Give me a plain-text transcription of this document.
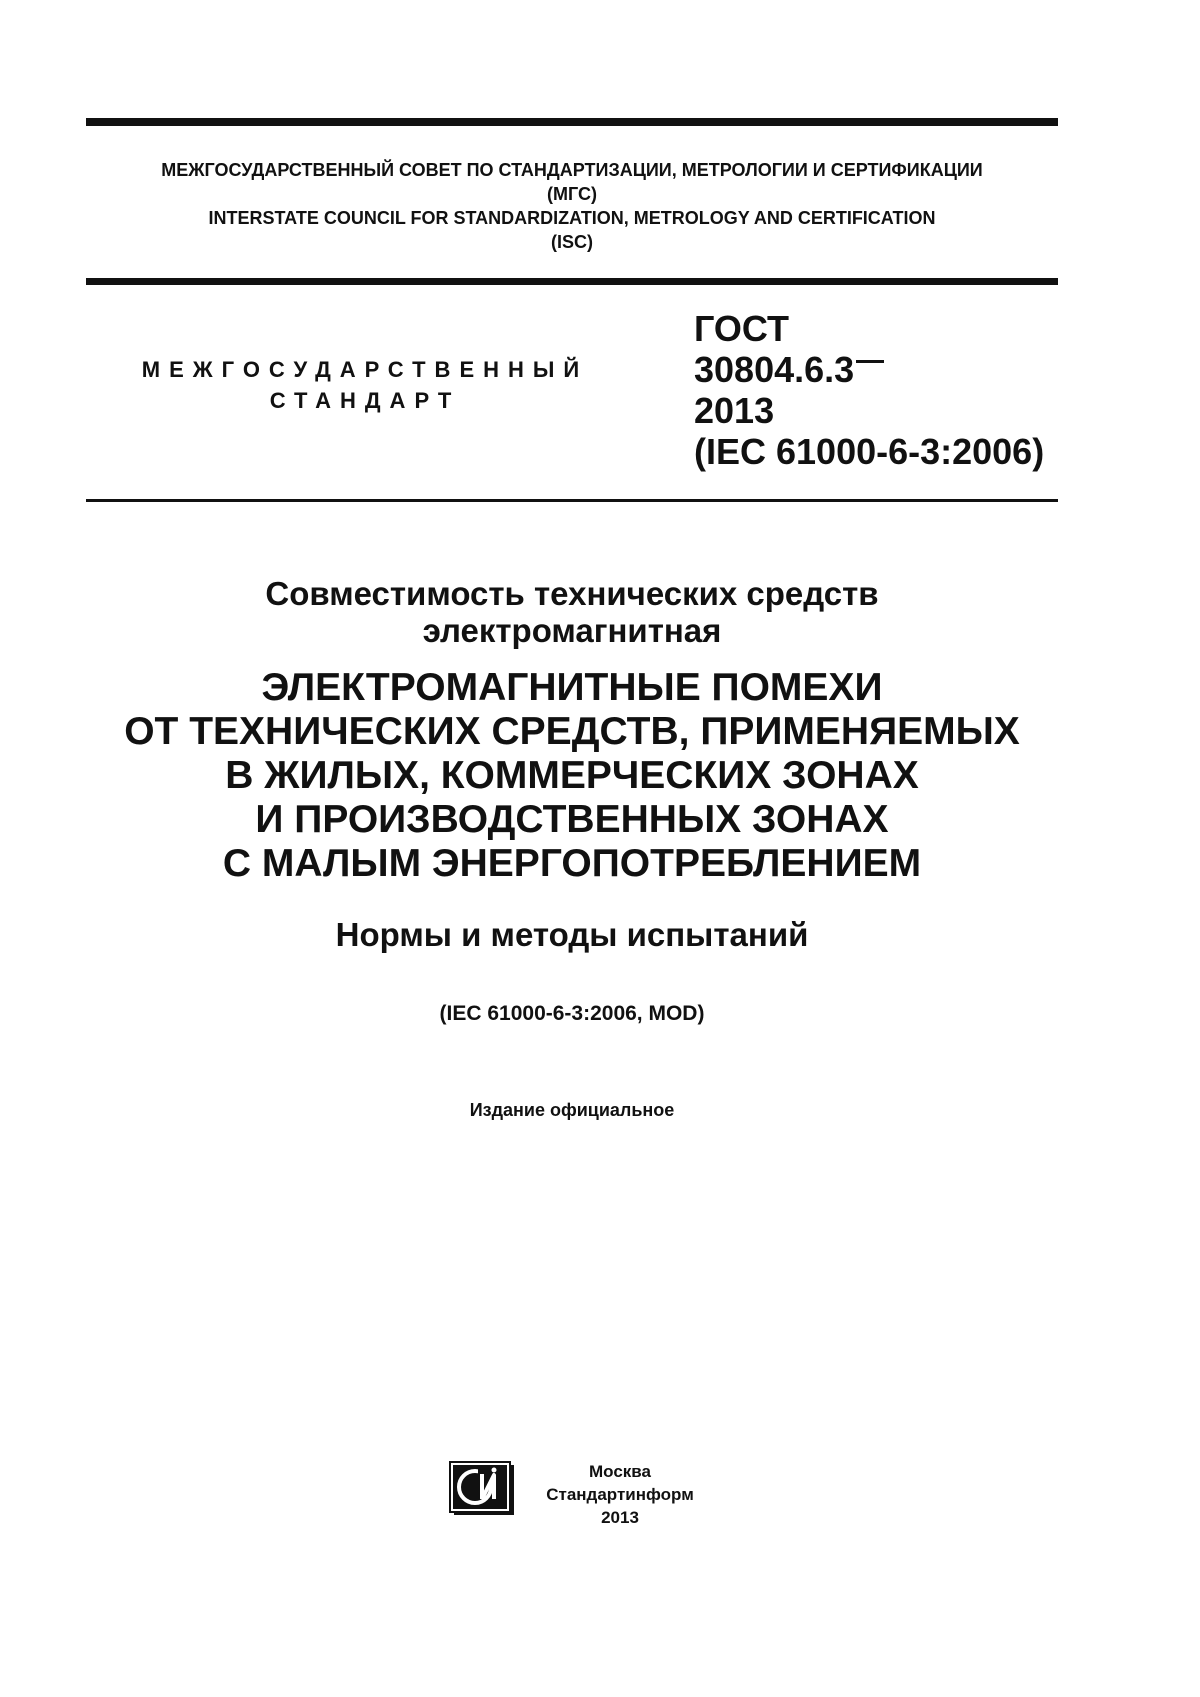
МЕЖГОСУДАРСТВЕННЫЙ СОВЕТ ПО СТАНДАРТИЗАЦИИ, МЕТРОЛОГИИ И СЕРТИФИКАЦИИ
(МГС)
INTERSTATE COUNCIL FOR STANDARDIZATION, METROLOGY AND CERTIFICATION
(ISC)
МЕЖГОСУДАРСТВЕННЫЙ
СТАНДАРТ
ГОСТ
30804.6.3
2013
(IEC 61000-6-3:2006)
Совместимость технических средств
электромагнитная
ЭЛЕКТРОМАГНИТНЫЕ ПОМЕХИ
ОТ ТЕХНИЧЕСКИХ СРЕДСТВ, ПРИМЕНЯЕМЫХ
В ЖИЛЫХ, КОММЕРЧЕСКИХ ЗОНАХ
И ПРОИЗВОДСТВЕННЫХ ЗОНАХ
С МАЛЫМ ЭНЕРГОПОТРЕБЛЕНИЕМ
Нормы и методы испытаний
(IEC 61000-6-3:2006, MOD)
Издание официальное
Москва
Стандартинформ
2013
